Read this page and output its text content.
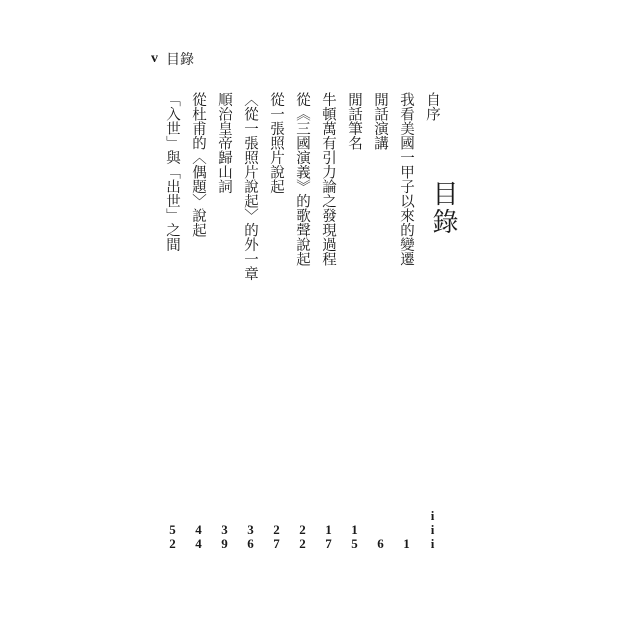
v 目錄
目錄
自序
iii
我看美國一甲子以來的變遷
1
閒話演講
6
閒話筆名
15
牛頓萬有引力論之發現過程
17
從《三國演義》的歌聲說起
22
從一張照片說起
27
〈從一張照片說起〉的外一章
36
順治皇帝歸山詞
39
從杜甫的〈偶題〉說起
44
「入世」與「出世」之間
52
